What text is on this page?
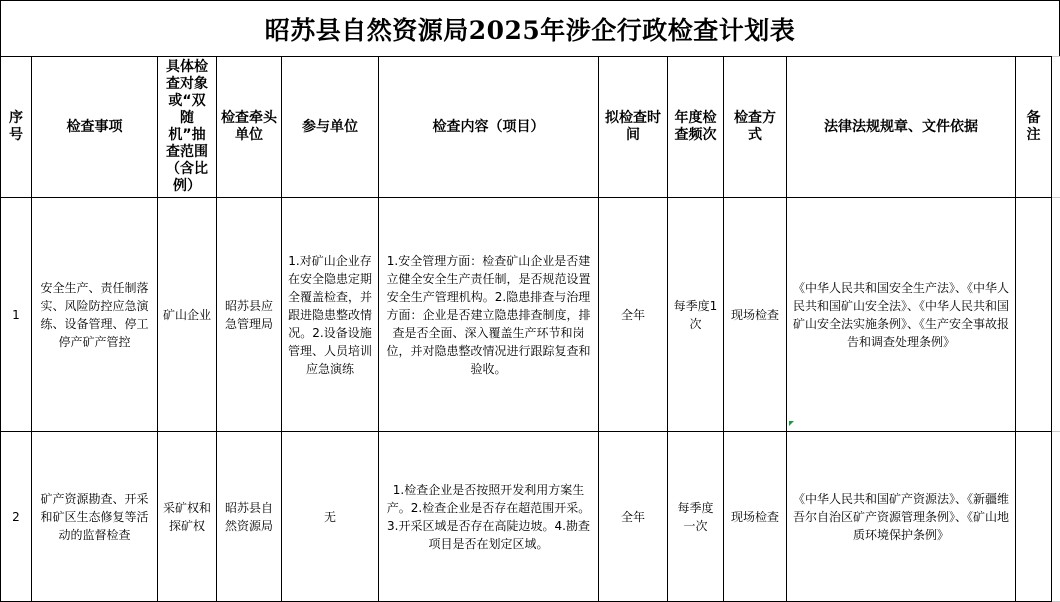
昭苏县自然资源局2025年涉企行政检查计划表
序号	检查事项	具体检查对象或“双随机”抽查范围（含比例）	检查牵头单位	参与单位	检查内容（项目）	拟检查时间	年度检查频次	检查方式	法律法规规章、文件依据	备注	
1	安全生产、责任制落实、风险防控应急演练、设备管理、停工停产矿产管控	矿山企业	昭苏县应急管理局	1.对矿山企业存在安全隐患定期全覆盖检查，并跟进隐患整改情况。2.设备设施管理、人员培训应急演练	1.安全管理方面：检查矿山企业是否建立健全安全生产责任制，是否规范设置安全生产管理机构。2.隐患排查与治理方面：企业是否建立隐患排查制度，排查是否全面、深入覆盖生产环节和岗位，并对隐患整改情况进行跟踪复查和验收。	全年	每季度1次	现场检查	《中华人民共和国安全生产法》、《中华人民共和国矿山安全法》、《中华人民共和国矿山安全法实施条例》、《生产安全事故报告和调查处理条例》		
2	矿产资源勘查、开采和矿区生态修复等活动的监督检查	采矿权和探矿权	昭苏县自然资源局	无	1.检查企业是否按照开发利用方案生产。2.检查企业是否存在超范围开采。3.开采区域是否存在高陡边坡。4.勘查项目是否在划定区域。	全年	每季度一次	现场检查	《中华人民共和国矿产资源法》、《新疆维吾尔自治区矿产资源管理条例》、《矿山地质环境保护条例》		
